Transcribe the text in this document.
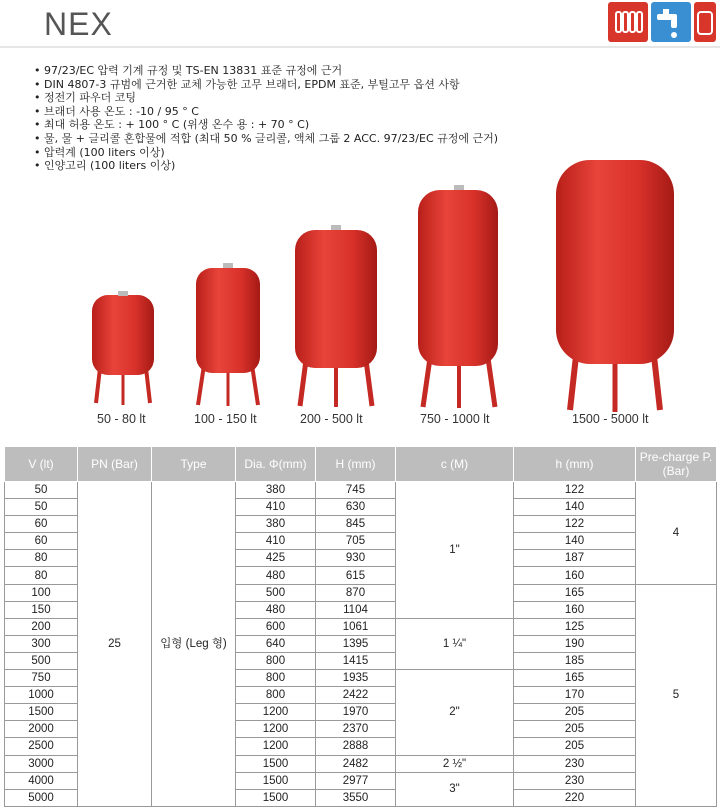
NEX
• 97/23/EC 압력 기계 규정 및 TS-EN 13831 표준 규정에 근거
• DIN 4807-3 규범에 근거한 교체 가능한 고무 브래더, EPDM 표준, 부틸고무 옵션 사항
• 정전기 파우더 코팅
• 브래더 사용 온도 : -10 / 95 ° C
• 최대 허용 온도 : + 100 ° C (위생 온수 용 : + 70 ° C)
• 물, 물 + 글리콜 혼합물에 적합 (최대 50 % 글리콜, 액체 그룹 2 ACC. 97/23/EC 규정에 근거)
• 압력계 (100 liters 이상)
• 인양고리 (100 liters 이상)
50 - 80 lt	100 - 150 lt	200 - 500 lt	750 - 1000 lt	1500 - 5000 lt
V (lt)	PN (Bar)	Type	Dia. Φ(mm)	H (mm)	c (M)	h (mm)	Pre-charge P. (Bar)
50	25	입형 (Leg 형)	380	745	1"	122	4
50			410	630		140	
60			380	845		122	
60			410	705		140	
80			425	930		187	
80			480	615		160	
100			500	870		165	5
150			480	1104		160	
200			600	1061	1 ¼"	125	
300			640	1395		190	
500			800	1415		185	
750			800	1935	2"	165	
1000			800	2422		170	
1500			1200	1970		205	
2000			1200	2370		205	
2500			1200	2888		205	
3000			1500	2482	2 ½"	230	
4000			1500	2977	3"	230	
5000			1500	3550		220	
